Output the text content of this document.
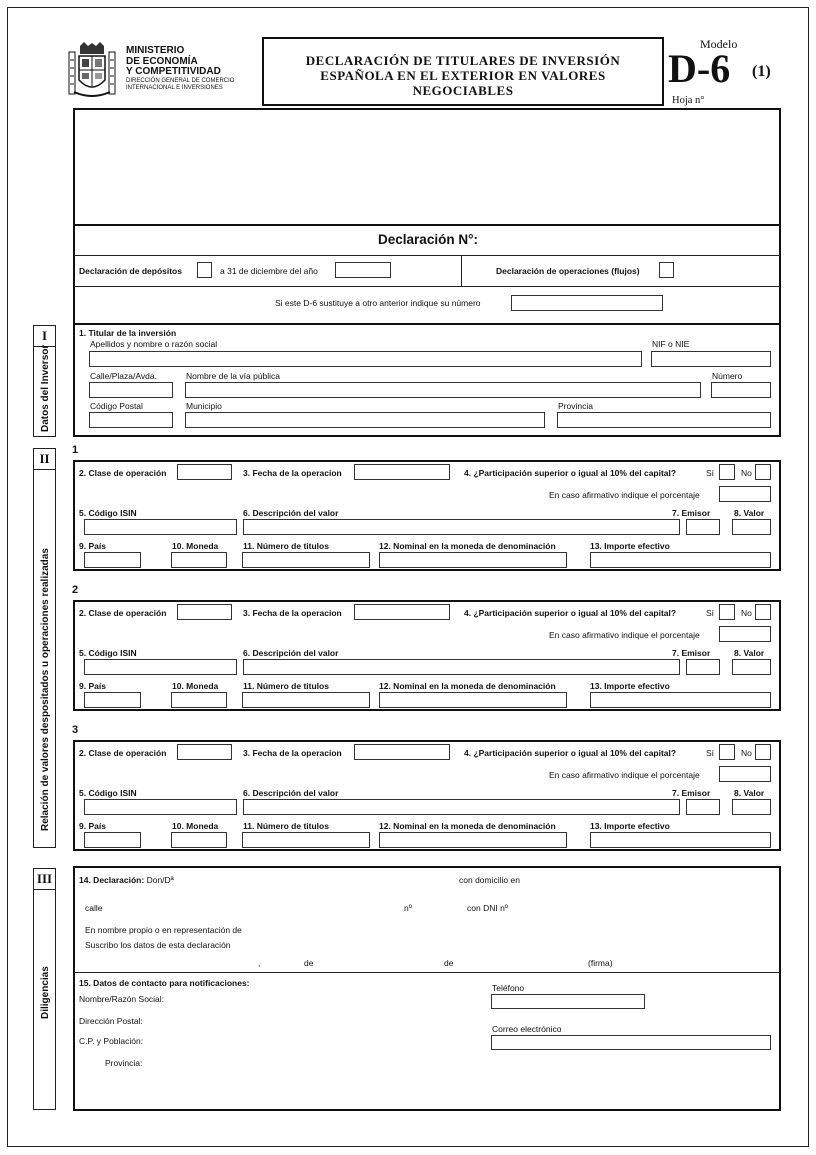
MINISTERIO
DE ECONOMÍA
Y COMPETITIVIDAD
DIRECCIÓN GENERAL DE COMERCIO
INTERNACIONAL E INVERSIONES
DECLARACIÓN DE TITULARES DE INVERSIÓN
ESPAÑOLA EN EL EXTERIOR EN VALORES
NEGOCIABLES
Modelo
D-6 (1)
Hoja n°
Declaración N°:
Declaración de depósitos	a 31 de diciembre del año	Declaración de operaciones (flujos)
Si este D-6 sustituye a otro anterior indique su número
I
Datos del Inversor
1. Titular de la inversión
Apellidos y nombre o razón social	NIF o NIE
Calle/Plaza/Avda.	Nombre de la vía pública	Número
Código Postal	Municipio	Provincia
II
Relación de valores despositados u operaciones realizadas
1
2. Clase de operación	3. Fecha de la operacion	4. ¿Participación superior o igual al 10% del capital?	Sí	No
En caso afirmativo indique el porcentaje
5. Código ISIN	6. Descripción del valor	7. Emisor	8. Valor
9. País	10. Moneda	11. Número de titulos	12. Nominal en la moneda de denominación	13. Importe efectivo
2
2. Clase de operación	3. Fecha de la operacion	4. ¿Participación superior o igual al 10% del capital?	Sí	No
En caso afirmativo indique el porcentaje
5. Código ISIN	6. Descripción del valor	7. Emisor	8. Valor
9. País	10. Moneda	11. Número de titulos	12. Nominal en la moneda de denominación	13. Importe efectivo
3
2. Clase de operación	3. Fecha de la operacion	4. ¿Participación superior o igual al 10% del capital?	Sí	No
En caso afirmativo indique el porcentaje
5. Código ISIN	6. Descripción del valor	7. Emisor	8. Valor
9. País	10. Moneda	11. Número de titulos	12. Nominal en la moneda de denominación	13. Importe efectivo
III
Diligencias
14. Declaración: Don/Dª	con domicilio en
calle	nº	con DNI nº
En nombre propio o en representación de
Suscribo los datos de esta declaración
,	de	de	(firma)
15. Datos de contacto para notificaciones:
Nombre/Razón Social:
Dirección Postal:
C.P. y Población:
Provincia:
Teléfono
Correo electrónico
